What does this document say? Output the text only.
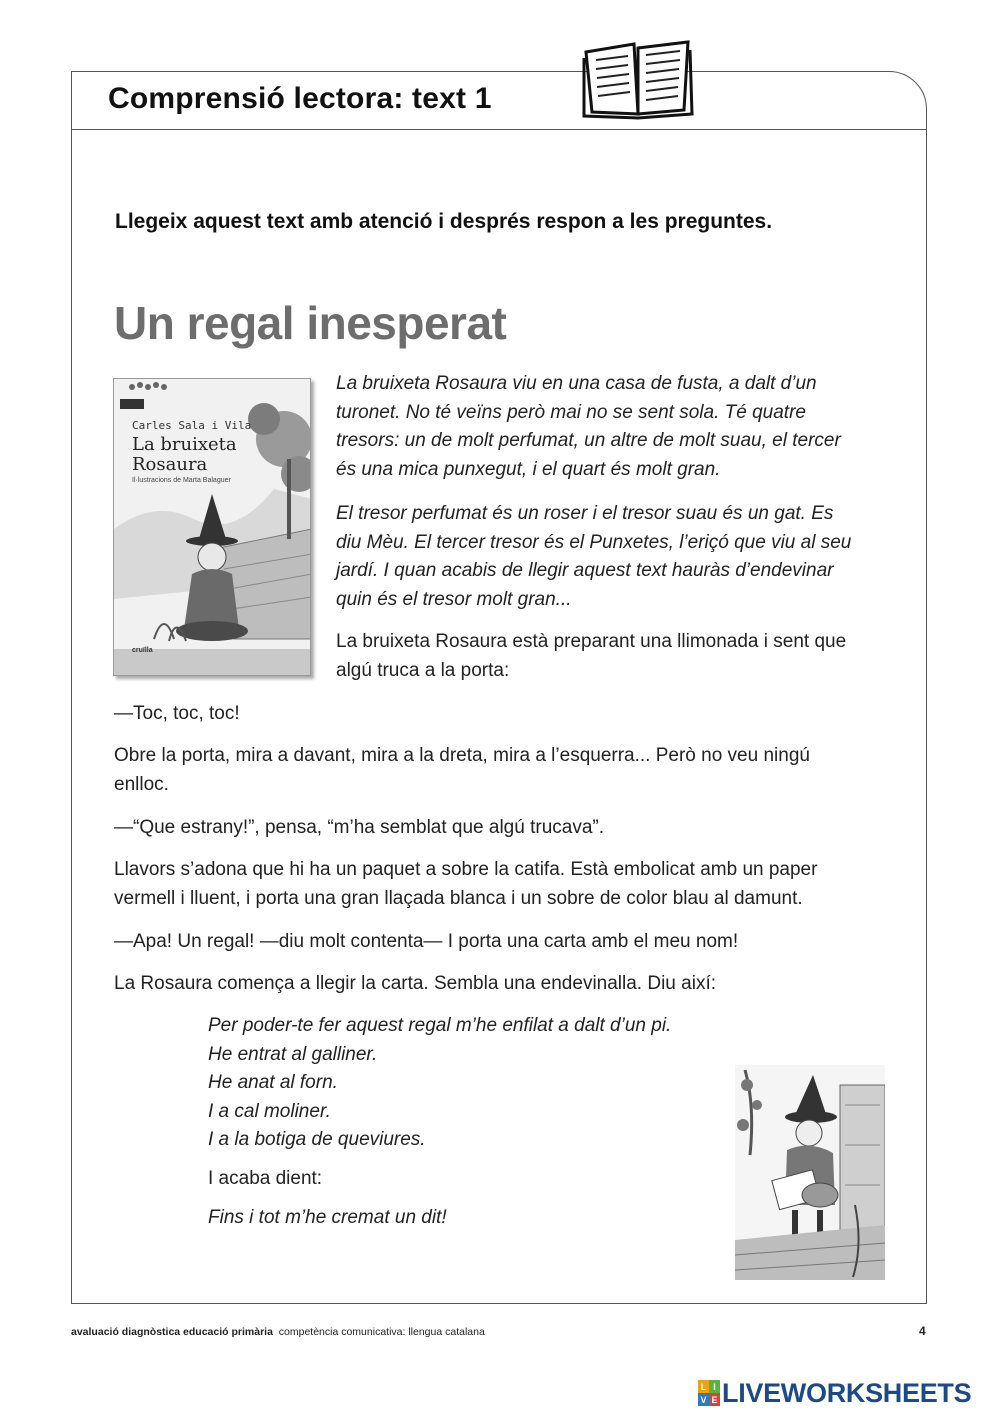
Comprensió lectora: text 1

Llegeix aquest text amb atenció i després respon a les preguntes.

Un regal inesperat
Carles Sala i Vila
La bruixeta
Rosaura
Il·lustracions de Marta Balaguer
cruïlla
La bruixeta Rosaura viu en una casa de fusta, a dalt d’un
turonet. No té veïns però mai no se sent sola. Té quatre
tresors: un de molt perfumat, un altre de molt suau, el tercer
és una mica punxegut, i el quart és molt gran.
El tresor perfumat és un roser i el tresor suau és un gat. Es
diu Mèu. El tercer tresor és el Punxetes, l’eriçó que viu al seu
jardí. I quan acabis de llegir aquest text hauràs d’endevinar
quin és el tresor molt gran...
La bruixeta Rosaura està preparant una llimonada i sent que
algú truca a la porta:
—Toc, toc, toc!
Obre la porta, mira a davant, mira a la dreta, mira a l’esquerra... Però no veu ningú
enlloc.
—“Que estrany!”, pensa, “m’ha semblat que algú trucava”.
Llavors s’adona que hi ha un paquet a sobre la catifa. Està embolicat amb un paper
vermell i lluent, i porta una gran llaçada blanca i un sobre de color blau al damunt.
—Apa! Un regal! —diu molt contenta— I porta una carta amb el meu nom!
La Rosaura comença a llegir la carta. Sembla una endevinalla. Diu així:
Per poder-te fer aquest regal m’he enfilat a dalt d’un pi.
He entrat al galliner.
He anat al forn.
I a cal moliner.
I a la botiga de queviures.
I acaba dient:
Fins i tot m’he cremat un dit!

avaluació diagnòstica educació primària competència comunicativa: llengua catalana	4
L I
V E LIVEWORKSHEETS
